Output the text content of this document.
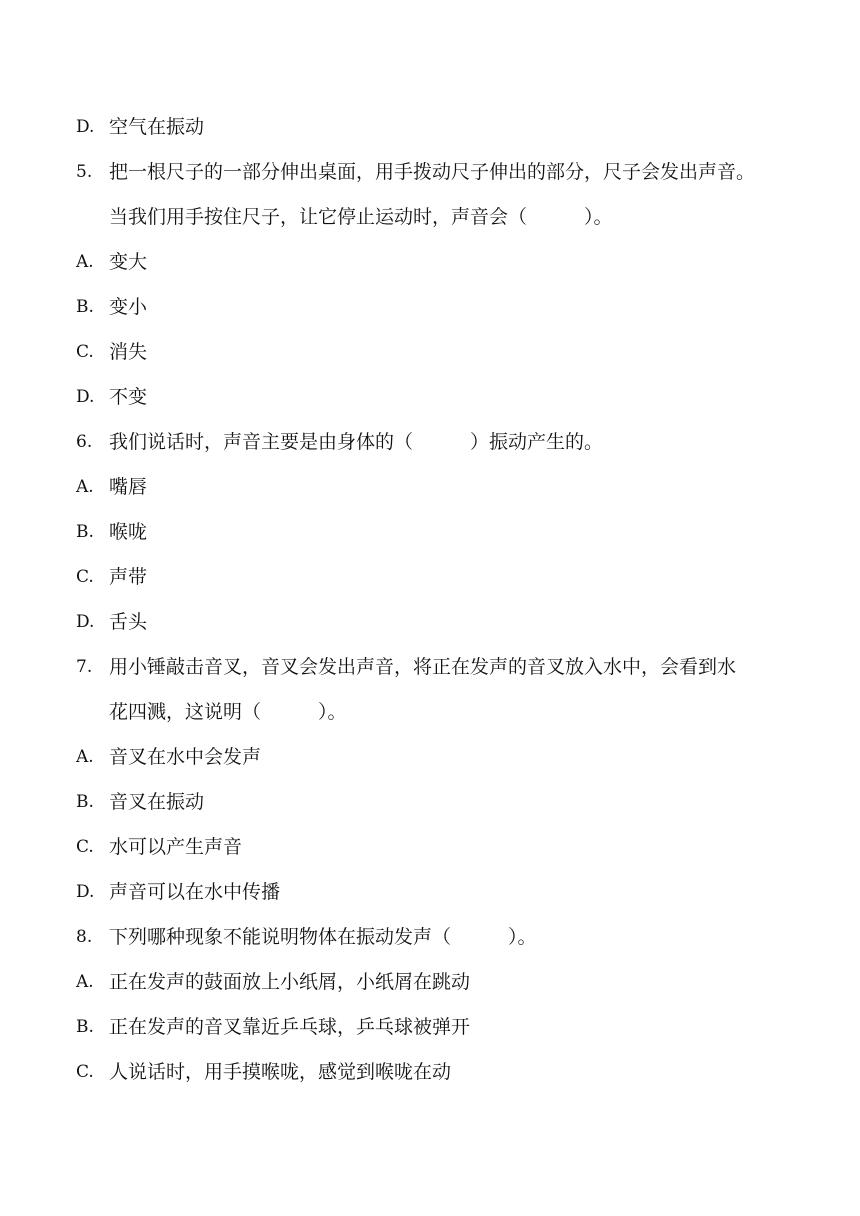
D. 空气在振动
5. 把一根尺子的一部分伸出桌面，用手拨动尺子伸出的部分，尺子会发出声音。
当我们用手按住尺子，让它停止运动时，声音会（　　　）。
A. 变大
B. 变小
C. 消失
D. 不变
6. 我们说话时，声音主要是由身体的（　　　）振动产生的。
A. 嘴唇
B. 喉咙
C. 声带
D. 舌头
7. 用小锤敲击音叉，音叉会发出声音，将正在发声的音叉放入水中，会看到水
花四溅，这说明（　　　）。
A. 音叉在水中会发声
B. 音叉在振动
C. 水可以产生声音
D. 声音可以在水中传播
8. 下列哪种现象不能说明物体在振动发声（　　　）。
A. 正在发声的鼓面放上小纸屑，小纸屑在跳动
B. 正在发声的音叉靠近乒乓球，乒乓球被弹开
C. 人说话时，用手摸喉咙，感觉到喉咙在动
